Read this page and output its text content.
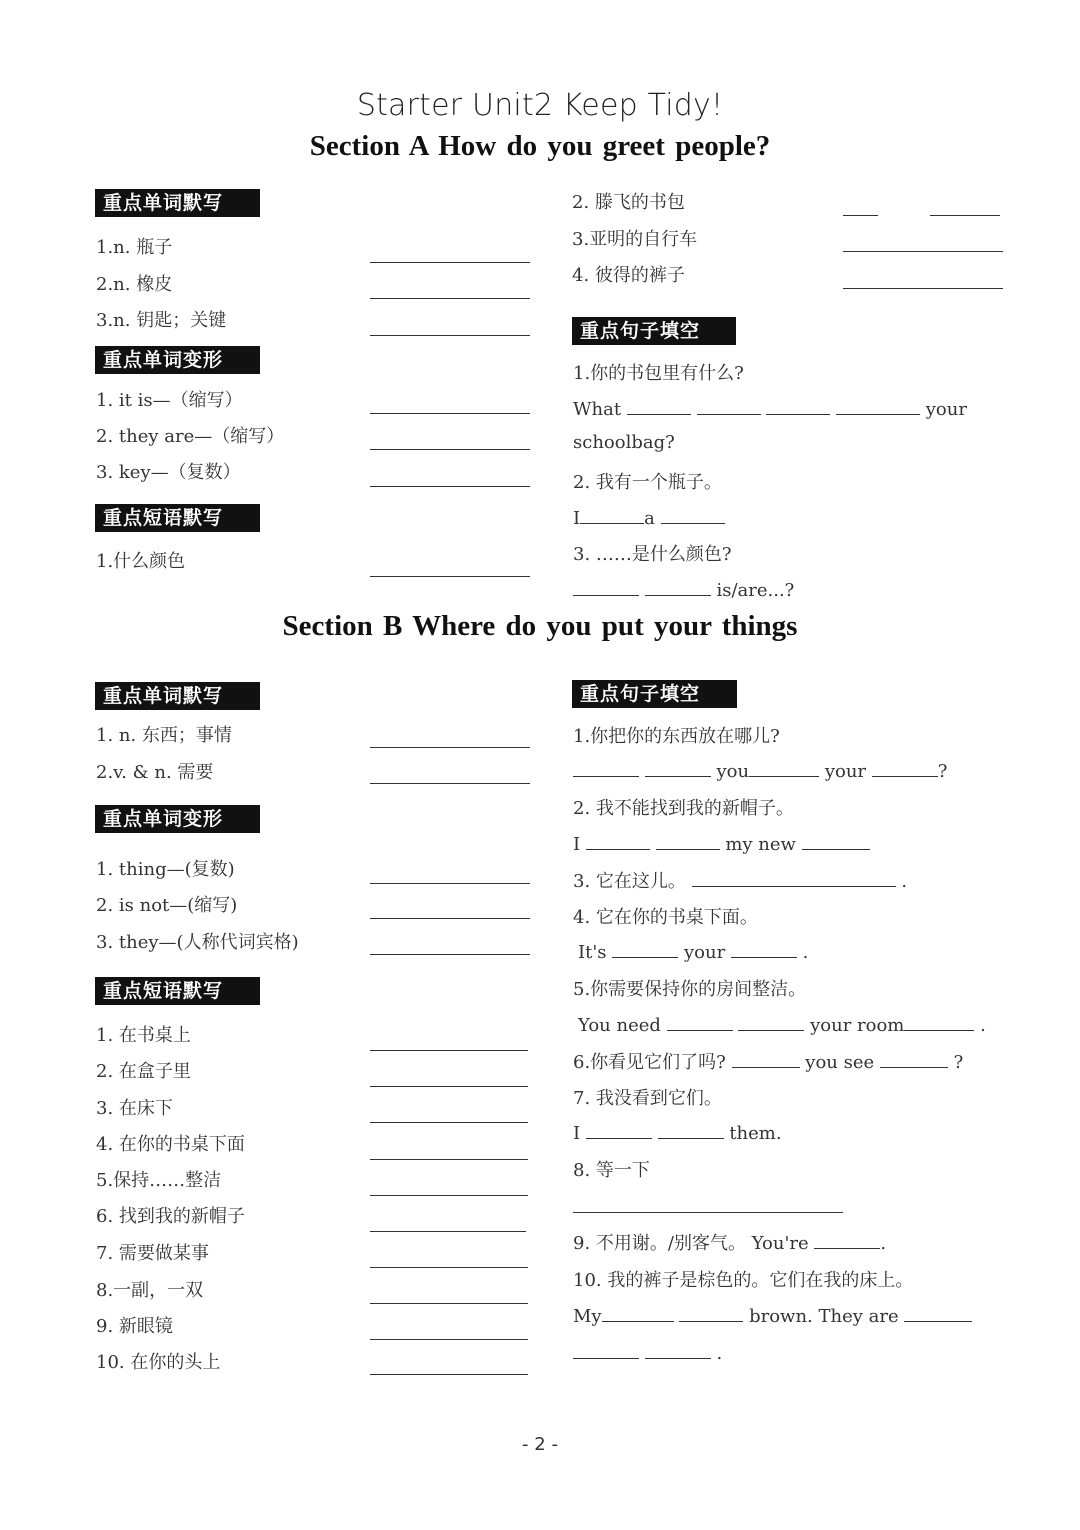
Starter Unit2 Keep Tidy!
Section A How do you greet people?
重点单词默写
1.n. 瓶子
2.n. 橡皮
3.n. 钥匙；关键
重点单词变形
1. it is—（缩写）
2. they are—（缩写）
3. key—（复数）
重点短语默写
1.什么颜色
2. 滕飞的书包
3.亚明的自行车
4. 彼得的裤子
重点句子填空
1.你的书包里有什么?
What	your
schoolbag?
2. 我有一个瓶子。
I	a
3. ……是什么颜色?
is/are...?
Section B Where do you put your things
重点单词默写
1. n. 东西；事情
2.v. & n. 需要
重点单词变形
1. thing—(复数)
2. is not—(缩写)
3. they—(人称代词宾格)
重点短语默写
1. 在书桌上
2. 在盒子里
3. 在床下
4. 在你的书桌下面
5.保持……整洁
6. 找到我的新帽子
7. 需要做某事
8.一副，一双
9. 新眼镜
10. 在你的头上
重点句子填空
1.你把你的东西放在哪儿?
you	your	?
2. 我不能找到我的新帽子。
I	my new
3. 它在这儿。	.
4. 它在你的书桌下面。
It's	your	.
5.你需要保持你的房间整洁。
You need	your room	.
6.你看见它们了吗?	you see	?
7. 我没看到它们。
I	them.
8. 等一下
9. 不用谢。/别客气。 You're	.
10. 我的裤子是棕色的。它们在我的床上。
My	brown. They are
.
- 2 -
